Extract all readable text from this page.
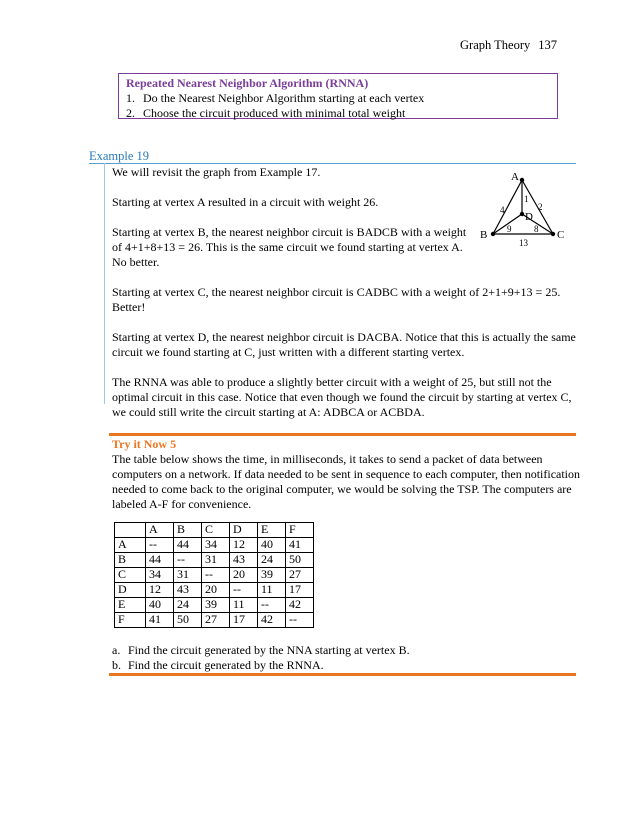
Graph Theory 137
Repeated Nearest Neighbor Algorithm (RNNA)
1. Do the Nearest Neighbor Algorithm starting at each vertex
2. Choose the circuit produced with minimal total weight
Example 19

We will revisit the graph from Example 17.

Starting at vertex A resulted in a circuit with weight 26.

Starting at vertex B, the nearest neighbor circuit is BADCB with a weight of 4+1+8+13 = 26. This is the same circuit we found starting at vertex A. No better.

Starting at vertex C, the nearest neighbor circuit is CADBC with a weight of 2+1+9+13 = 25. Better!

Starting at vertex D, the nearest neighbor circuit is DACBA. Notice that this is actually the same circuit we found starting at C, just written with a different starting vertex.

The RNNA was able to produce a slightly better circuit with a weight of 25, but still not the optimal circuit in this case. Notice that even though we found the circuit by starting at vertex C, we could still write the circuit starting at A: ADBCA or ACBDA.

A
B	C
D
4	2
1
9	8
13
Try it Now 5
The table below shows the time, in milliseconds, it takes to send a packet of data between computers on a network. If data needed to be sent in sequence to each computer, then notification needed to come back to the original computer, we would be solving the TSP. The computers are labeled A-F for convenience.
	A	B	C	D	E	F
A	--	44	34	12	40	41
B	44	--	31	43	24	50
C	34	31	--	20	39	27
D	12	43	20	--	11	17
E	40	24	39	11	--	42
F	41	50	27	17	42	--
a. Find the circuit generated by the NNA starting at vertex B.
b. Find the circuit generated by the RNNA.
